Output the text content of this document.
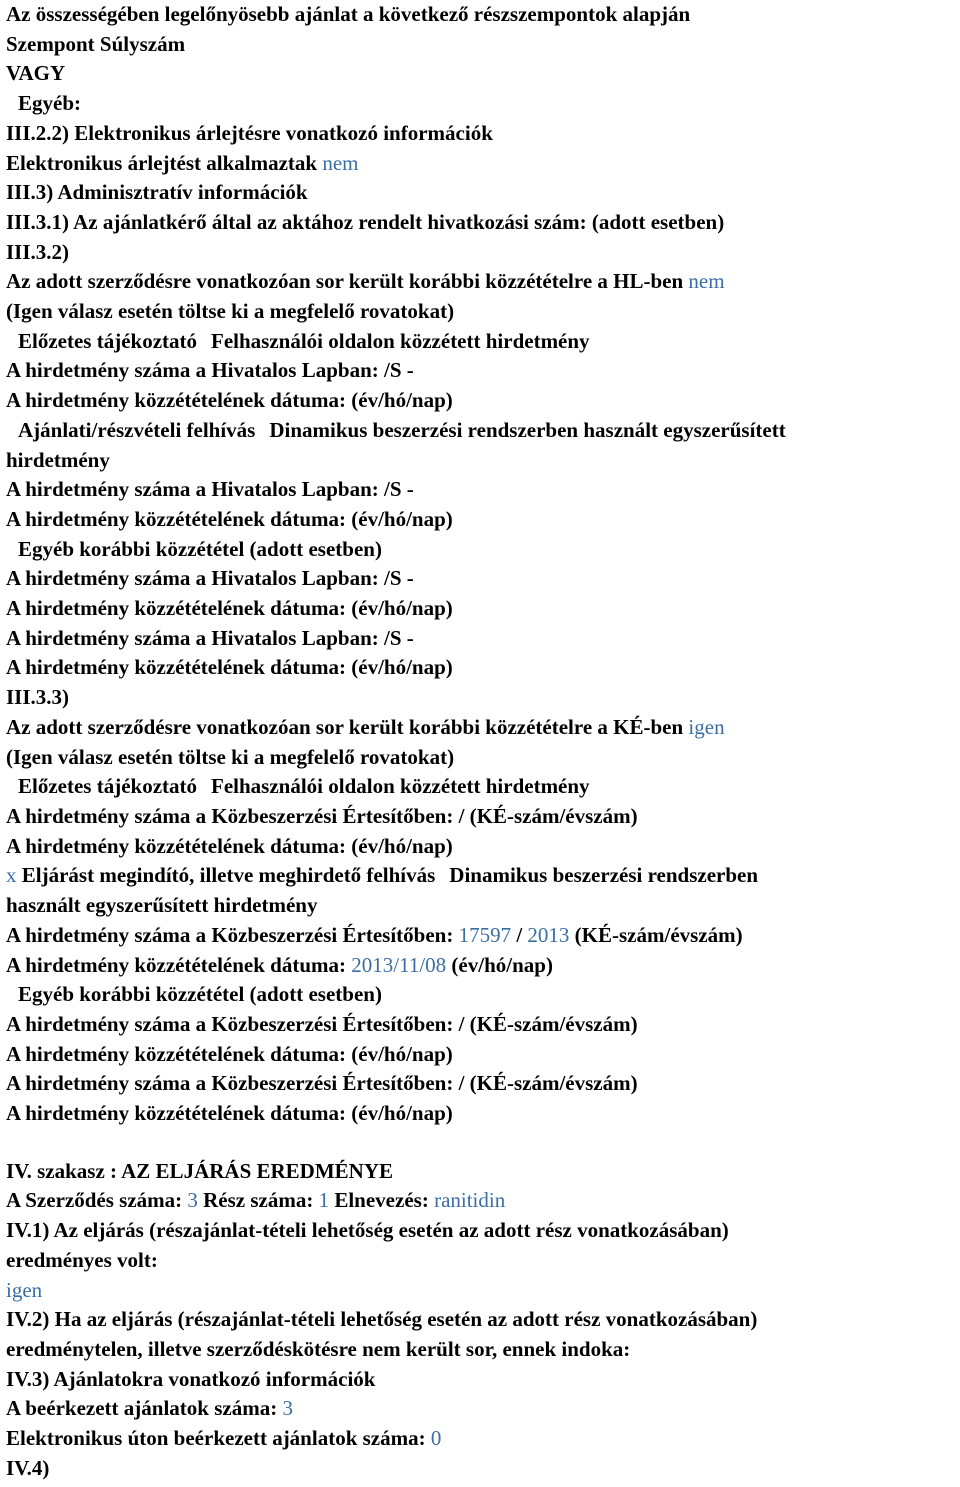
Az összességében legelőnyösebb ajánlat a következő részszempontok alapján
Szempont Súlyszám
VAGY
Egyéb:
III.2.2) Elektronikus árlejtésre vonatkozó információk
Elektronikus árlejtést alkalmaztak nem
III.3) Adminisztratív információk
III.3.1) Az ajánlatkérő által az aktához rendelt hivatkozási szám: (adott esetben)
III.3.2)
Az adott szerződésre vonatkozóan sor került korábbi közzétételre a HL-ben nem
(Igen válasz esetén töltse ki a megfelelő rovatokat)
Előzetes tájékoztató Felhasználói oldalon közzétett hirdetmény
A hirdetmény száma a Hivatalos Lapban: /S -
A hirdetmény közzétételének dátuma: (év/hó/nap)
Ajánlati/részvételi felhívás Dinamikus beszerzési rendszerben használt egyszerűsített
hirdetmény
A hirdetmény száma a Hivatalos Lapban: /S -
A hirdetmény közzétételének dátuma: (év/hó/nap)
Egyéb korábbi közzététel (adott esetben)
A hirdetmény száma a Hivatalos Lapban: /S -
A hirdetmény közzétételének dátuma: (év/hó/nap)
A hirdetmény száma a Hivatalos Lapban: /S -
A hirdetmény közzétételének dátuma: (év/hó/nap)
III.3.3)
Az adott szerződésre vonatkozóan sor került korábbi közzétételre a KÉ-ben igen
(Igen válasz esetén töltse ki a megfelelő rovatokat)
Előzetes tájékoztató Felhasználói oldalon közzétett hirdetmény
A hirdetmény száma a Közbeszerzési Értesítőben: / (KÉ-szám/évszám)
A hirdetmény közzétételének dátuma: (év/hó/nap)
x Eljárást megindító, illetve meghirdető felhívás Dinamikus beszerzési rendszerben
használt egyszerűsített hirdetmény
A hirdetmény száma a Közbeszerzési Értesítőben: 17597 / 2013 (KÉ-szám/évszám)
A hirdetmény közzétételének dátuma: 2013/11/08 (év/hó/nap)
Egyéb korábbi közzététel (adott esetben)
A hirdetmény száma a Közbeszerzési Értesítőben: / (KÉ-szám/évszám)
A hirdetmény közzétételének dátuma: (év/hó/nap)
A hirdetmény száma a Közbeszerzési Értesítőben: / (KÉ-szám/évszám)
A hirdetmény közzétételének dátuma: (év/hó/nap)
IV. szakasz : AZ ELJÁRÁS EREDMÉNYE
A Szerződés száma: 3 Rész száma: 1 Elnevezés: ranitidin
IV.1) Az eljárás (részajánlat-tételi lehetőség esetén az adott rész vonatkozásában)
eredményes volt:
igen
IV.2) Ha az eljárás (részajánlat-tételi lehetőség esetén az adott rész vonatkozásában)
eredménytelen, illetve szerződéskötésre nem került sor, ennek indoka:
IV.3) Ajánlatokra vonatkozó információk
A beérkezett ajánlatok száma: 3
Elektronikus úton beérkezett ajánlatok száma: 0
IV.4)
